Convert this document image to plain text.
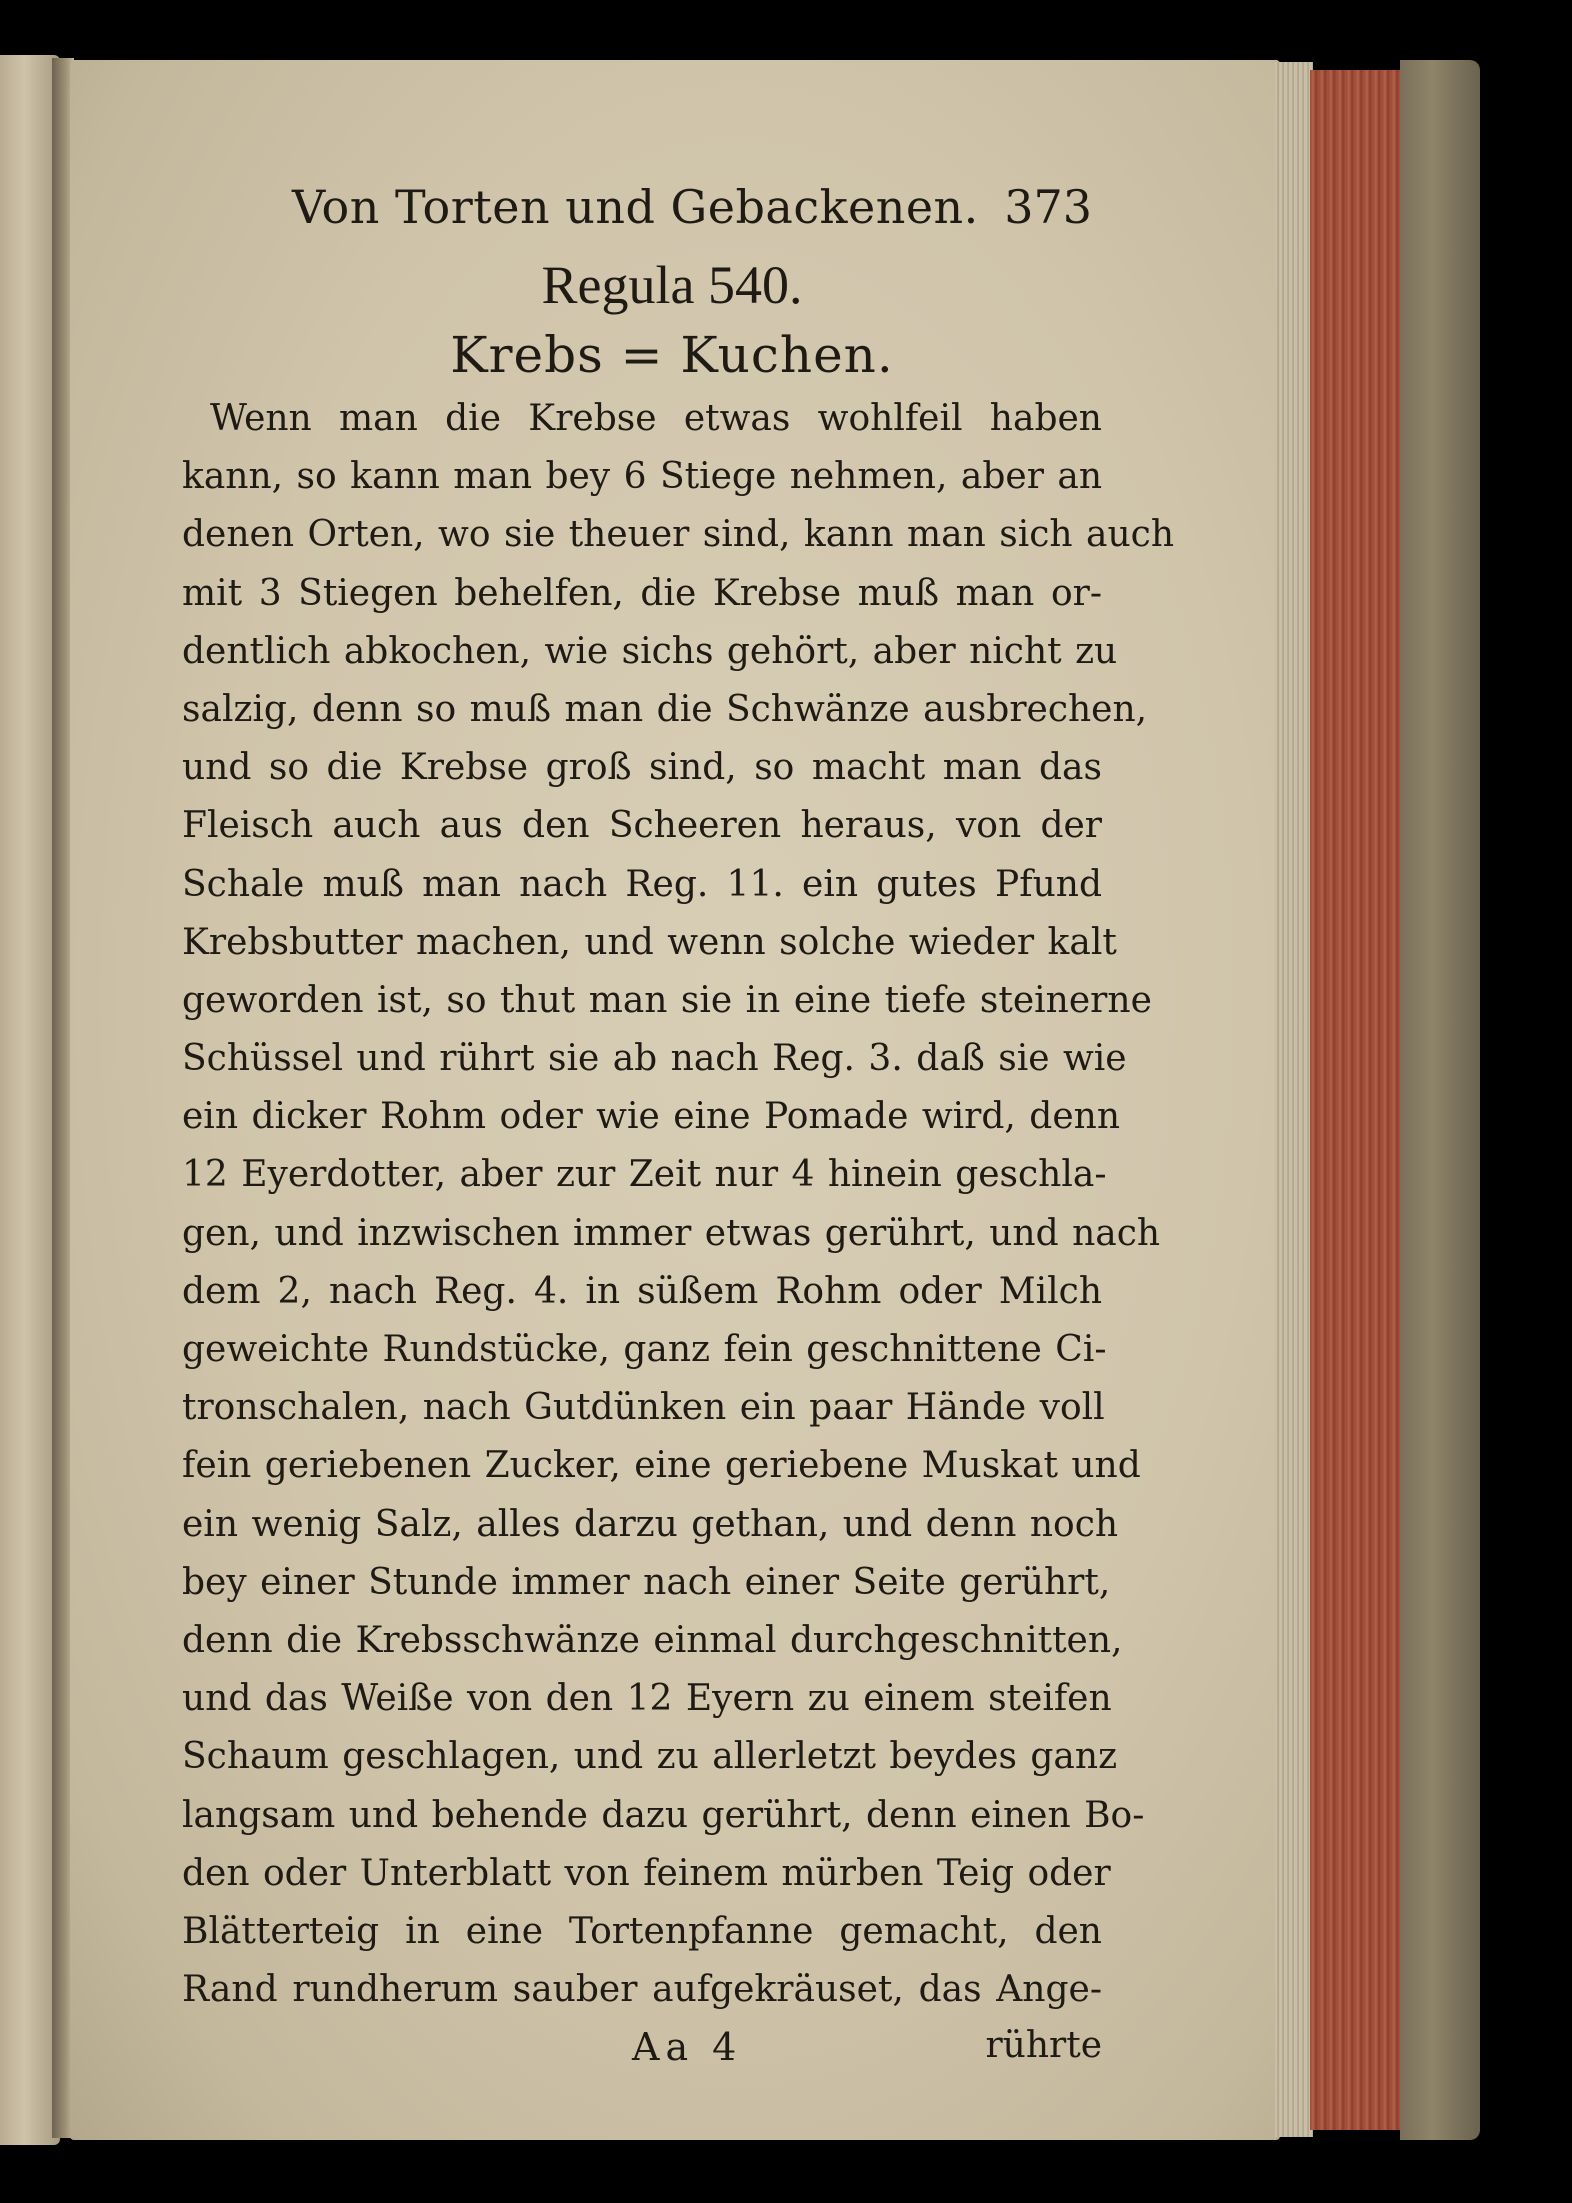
Von Torten und Gebackenen. 373
Regula 540.
Krebs = Kuchen.
Wenn man die Krebse etwas wohlfeil haben
kann, so kann man bey 6 Stiege nehmen, aber an
denen Orten, wo sie theuer sind, kann man sich auch
mit 3 Stiegen behelfen, die Krebse muß man or-
dentlich abkochen, wie sichs gehört, aber nicht zu
salzig, denn so muß man die Schwänze ausbrechen,
und so die Krebse groß sind, so macht man das
Fleisch auch aus den Scheeren heraus, von der
Schale muß man nach Reg. 11. ein gutes Pfund
Krebsbutter machen, und wenn solche wieder kalt
geworden ist, so thut man sie in eine tiefe steinerne
Schüssel und rührt sie ab nach Reg. 3. daß sie wie
ein dicker Rohm oder wie eine Pomade wird, denn
12 Eyerdotter, aber zur Zeit nur 4 hinein geschla-
gen, und inzwischen immer etwas gerührt, und nach
dem 2, nach Reg. 4. in süßem Rohm oder Milch
geweichte Rundstücke, ganz fein geschnittene Ci-
tronschalen, nach Gutdünken ein paar Hände voll
fein geriebenen Zucker, eine geriebene Muskat und
ein wenig Salz, alles darzu gethan, und denn noch
bey einer Stunde immer nach einer Seite gerührt,
denn die Krebsschwänze einmal durchgeschnitten,
und das Weiße von den 12 Eyern zu einem steifen
Schaum geschlagen, und zu allerletzt beydes ganz
langsam und behende dazu gerührt, denn einen Bo-
den oder Unterblatt von feinem mürben Teig oder
Blätterteig in eine Tortenpfanne gemacht, den
Rand rundherum sauber aufgekräuset, das Ange-
Aa 4	rührte
